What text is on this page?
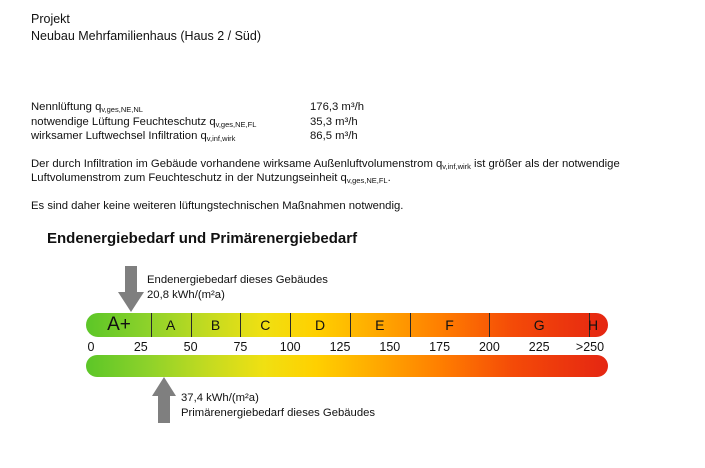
Projekt
Neubau Mehrfamilienhaus (Haus 2 / Süd)
Nennlüftung $q_{v,ges,NE,NL}$	176,3 m³/h
notwendige Lüftung Feuchteschutz $q_{v,ges,NE,FL}$	35,3 m³/h
wirksamer Luftwechsel Infiltration $q_{v,inf,wirk}$	86,5 m³/h
Der durch Infiltration im Gebäude vorhandene wirksame Außenluftvolumenstrom $q_{v,inf,wirk}$ ist größer als der notwendige
Luftvolumenstrom zum Feuchteschutz in der Nutzungseinheit $q_{v,ges,NE,FL}$.
Es sind daher keine weiteren lüftungstechnischen Maßnahmen notwendig.
Endenergiebedarf und Primärenergiebedarf
Endenergiebedarf dieses Gebäudes
20,8 kWh/(m²a)
A+	A	B	C	D	E	F	G	H
0	25	50	75	100 125 150 175 200 225 >250
37,4 kWh/(m²a)
Primärenergiebedarf dieses Gebäudes
